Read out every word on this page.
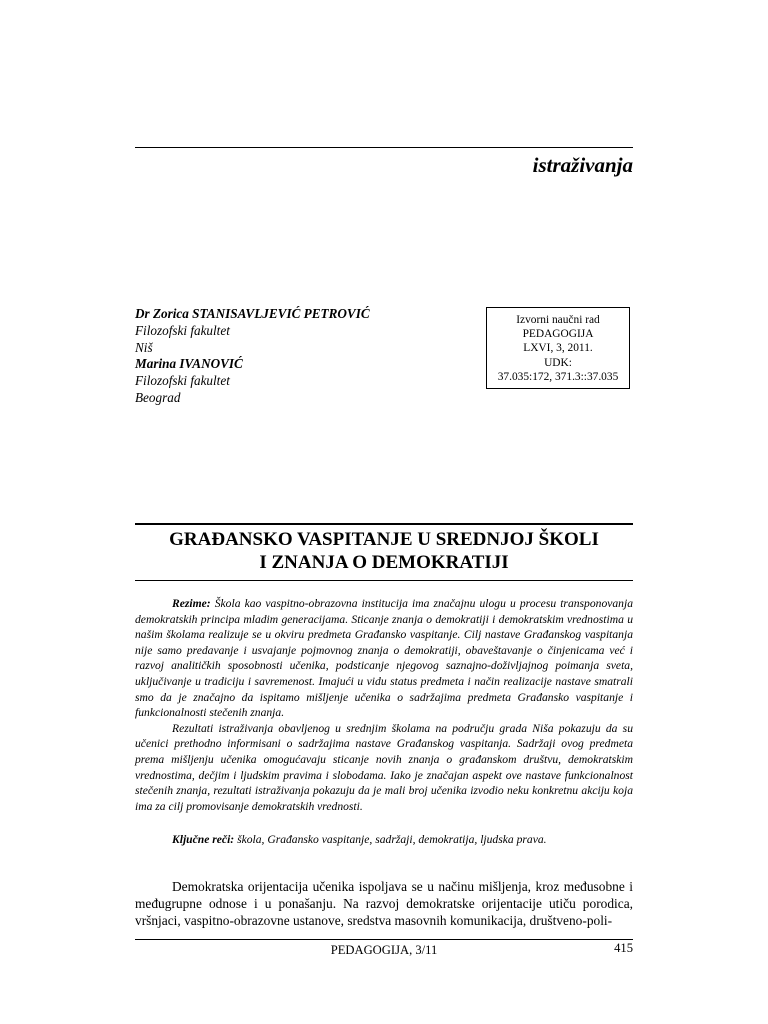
istraživanja
Dr Zorica STANISAVLJEVIĆ PETROVIĆ
Filozofski fakultet
Niš
Marina IVANOVIĆ
Filozofski fakultet
Beograd
Izvorni naučni rad
PEDAGOGIJA
LXVI, 3, 2011.
UDK:
37.035:172, 371.3::37.035
GRAĐANSKO VASPITANJE U SREDNJOJ ŠKOLI
I ZNANJA O DEMOKRATIJI

Rezime: Škola kao vaspitno-obrazovna institucija ima značajnu ulogu u procesu transponovanja demokratskih principa mladim generacijama. Sticanje znanja o demokratiji i demokratskim vrednostima u našim školama realizuje se u okviru predmeta Građansko vaspitanje. Cilj nastave Građanskog vaspitanja nije samo predavanje i usvajanje pojmovnog znanja o demokratiji, obaveštavanje o činjenicama već i razvoj analitičkih sposobnosti učenika, podsticanje njegovog saznajno-doživljajnog poimanja sveta, uključivanje u tradiciju i savremenost. Imajući u vidu status predmeta i način realizacije nastave smatrali smo da je značajno da ispitamo mišljenje učenika o sadržajima predmeta Građansko vaspitanje i funkcionalnosti stečenih znanja.

Rezultati istraživanja obavljenog u srednjim školama na području grada Niša pokazuju da su učenici prethodno informisani o sadržajima nastave Građanskog vaspitanja. Sadržaji ovog predmeta prema mišljenju učenika omogućavaju sticanje novih znanja o građanskom društvu, demokratskim vrednostima, dečjim i ljudskim pravima i slobodama. Iako je značajan aspekt ove nastave funkcionalnost stečenih znanja, rezultati istraživanja pokazuju da je mali broj učenika izvodio neku konkretnu akciju koja ima za cilj promovisanje demokratskih vrednosti.

Ključne reči: škola, Građansko vaspitanje, sadržaji, demokratija, ljudska prava.

Demokratska orijentacija učenika ispoljava se u načinu mišljenja, kroz međusobne i međugrupne odnose i u ponašanju. Na razvoj demokratske orijentacije utiču porodica, vršnjaci, vaspitno-obrazovne ustanove, sredstva masovnih komunikacija, društveno-poli-

PEDAGOGIJA, 3/11	415
